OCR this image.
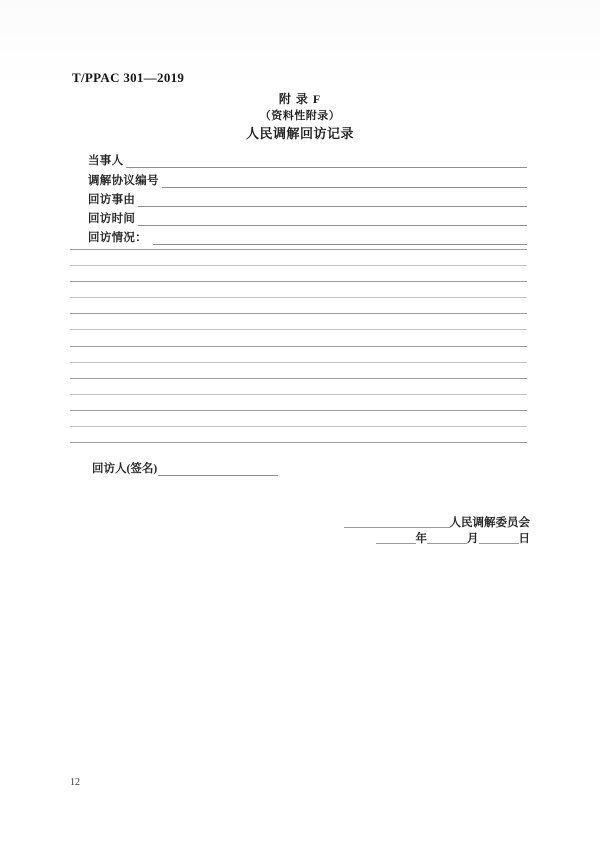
T/PPAC 301—2019
附 录 F
（资料性附录）
人民调解回访记录
当事人
调解协议编号
回访事由
回访时间
回访情况：
回访人(签名)
人民调解委员会
年	月	日
12
